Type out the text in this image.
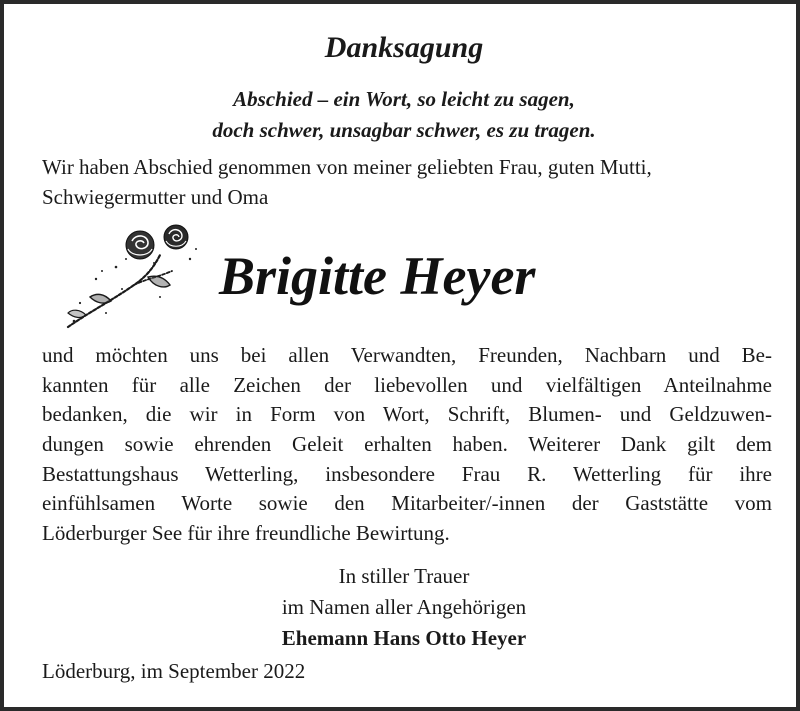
Danksagung
Abschied – ein Wort, so leicht zu sagen,
doch schwer, unsagbar schwer, es zu tragen.
Wir haben Abschied genommen von meiner geliebten Frau, guten Mutti,
Schwiegermutter und Oma
Brigitte Heyer
und möchten uns bei allen Verwandten, Freunden, Nachbarn und Be-
kannten für alle Zeichen der liebevollen und vielfältigen Anteilnahme
bedanken, die wir in Form von Wort, Schrift, Blumen- und Geldzuwen-
dungen sowie ehrenden Geleit erhalten haben. Weiterer Dank gilt dem
Bestattungshaus Wetterling, insbesondere Frau R. Wetterling für ihre
einfühlsamen Worte sowie den Mitarbeiter/-innen der Gaststätte vom
Löderburger See für ihre freundliche Bewirtung.
In stiller Trauer
im Namen aller Angehörigen
Ehemann Hans Otto Heyer
Löderburg, im September 2022
